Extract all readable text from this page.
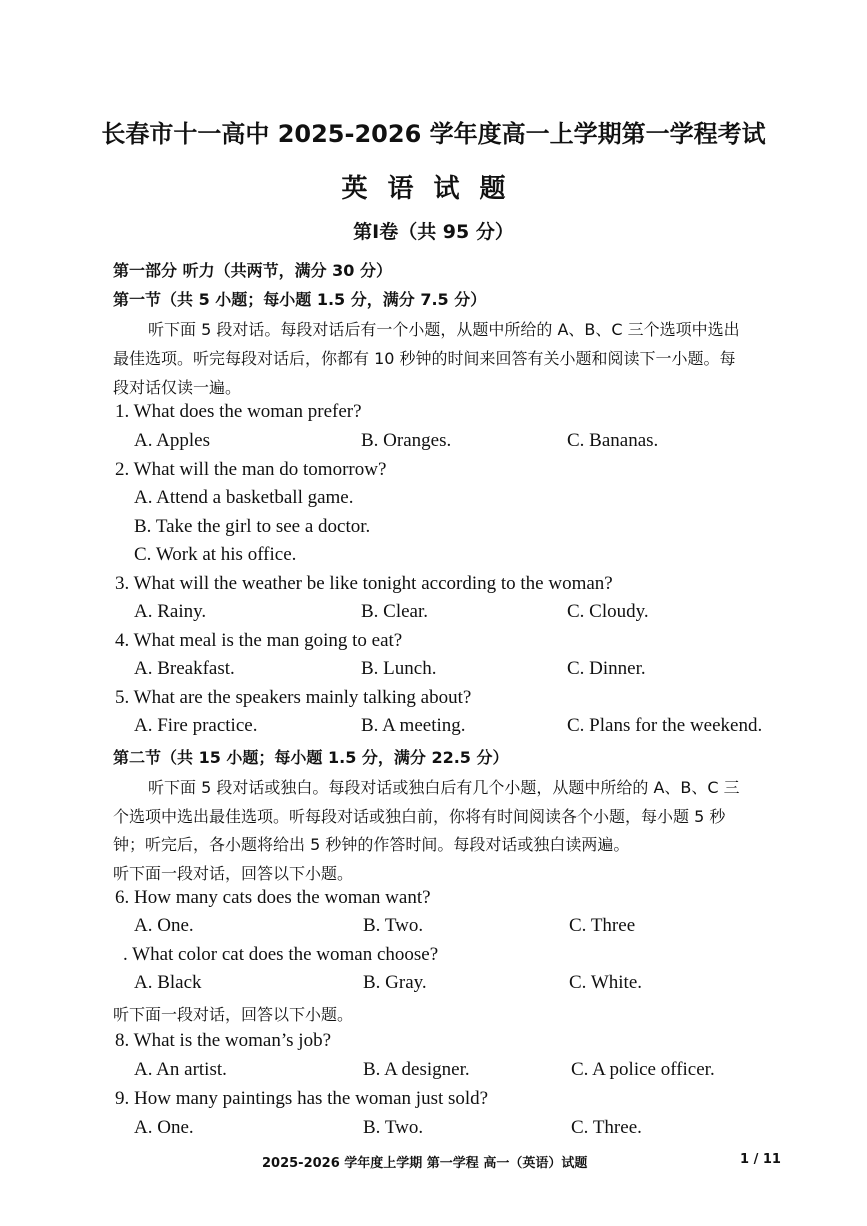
长春市十一高中 2025-2026 学年度高一上学期第一学程考试
英语试题
第Ⅰ卷（共 95 分）
第一部分 听力（共两节，满分 30 分）
第一节（共 5 小题；每小题 1.5 分，满分 7.5 分）
听下面 5 段对话。每段对话后有一个小题，从题中所给的 A、B、C 三个选项中选出
最佳选项。听完每段对话后，你都有 10 秒钟的时间来回答有关小题和阅读下一小题。每
段对话仅读一遍。
1. What does the woman prefer?
A. Apples	B. Oranges.	C. Bananas.
2. What will the man do tomorrow?
A. Attend a basketball game.
B. Take the girl to see a doctor.
C. Work at his office.
3. What will the weather be like tonight according to the woman?
A. Rainy.	B. Clear.	C. Cloudy.
4. What meal is the man going to eat?
A. Breakfast.	B. Lunch.	C. Dinner.
5. What are the speakers mainly talking about?
A. Fire practice.	B. A meeting.	C. Plans for the weekend.
第二节（共 15 小题；每小题 1.5 分，满分 22.5 分）
听下面 5 段对话或独白。每段对话或独白后有几个小题，从题中所给的 A、B、C 三
个选项中选出最佳选项。听每段对话或独白前，你将有时间阅读各个小题，每小题 5 秒
钟；听完后，各小题将给出 5 秒钟的作答时间。每段对话或独白读两遍。
听下面一段对话，回答以下小题。
6. How many cats does the woman want?
A. One.	B. Two.	C. Three
. What color cat does the woman choose?
A. Black	B. Gray.	C. White.
听下面一段对话，回答以下小题。
8. What is the woman’s job?
A. An artist.	B. A designer.	C. A police officer.
9. How many paintings has the woman just sold?
A. One.	B. Two.	C. Three.
2025-2026 学年度上学期 第一学程 高一（英语）试题	1 / 11
